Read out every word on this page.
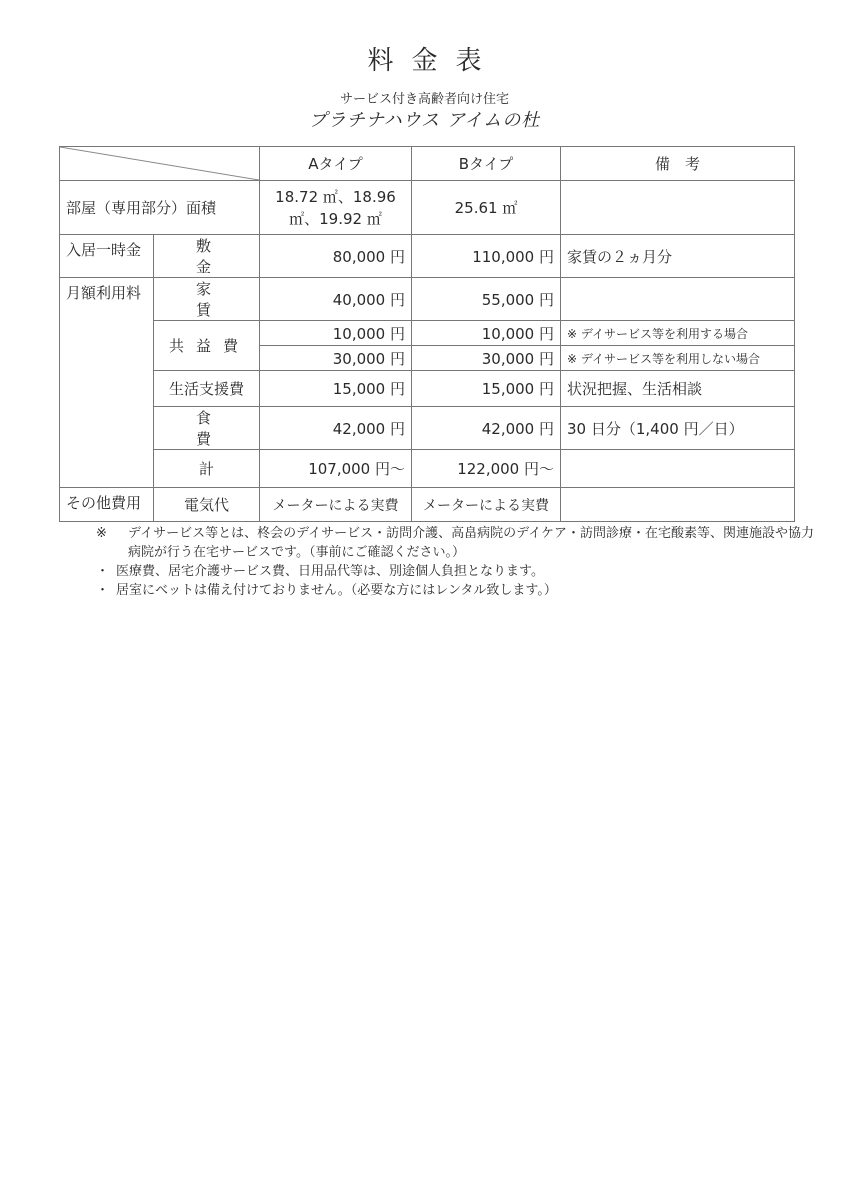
料金表
サービス付き高齢者向け住宅
プラチナハウス アイムの杜
	Aタイプ	Bタイプ	備　考
部屋（専用部分）面積		18.72 ㎡、18.96 ㎡、19.92 ㎡	25.61 ㎡	
入居一時金	敷金	80,000 円	110,000 円	家賃の２ヵ月分
月額利用料	家賃	40,000 円	55,000 円	
	共益費	10,000 円	10,000 円	※ デイサービス等を利用する場合
		30,000 円	30,000 円	※ デイサービス等を利用しない場合
	生活支援費	15,000 円	15,000 円	状況把握、生活相談
	食費	42,000 円	42,000 円	30 日分（1,400 円／日）
	計	107,000 円〜	122,000 円〜	
その他費用	電気代	メーターによる実費	メーターによる実費	
※ デイサービス等とは、柊会のデイサービス・訪問介護、高畠病院のデイケア・訪問診療・在宅酸素等、関連施設や協力病院が行う在宅サービスです。（事前にご確認ください。）
・ 医療費、居宅介護サービス費、日用品代等は、別途個人負担となります。
・ 居室にベットは備え付けておりません。（必要な方にはレンタル致します。）
